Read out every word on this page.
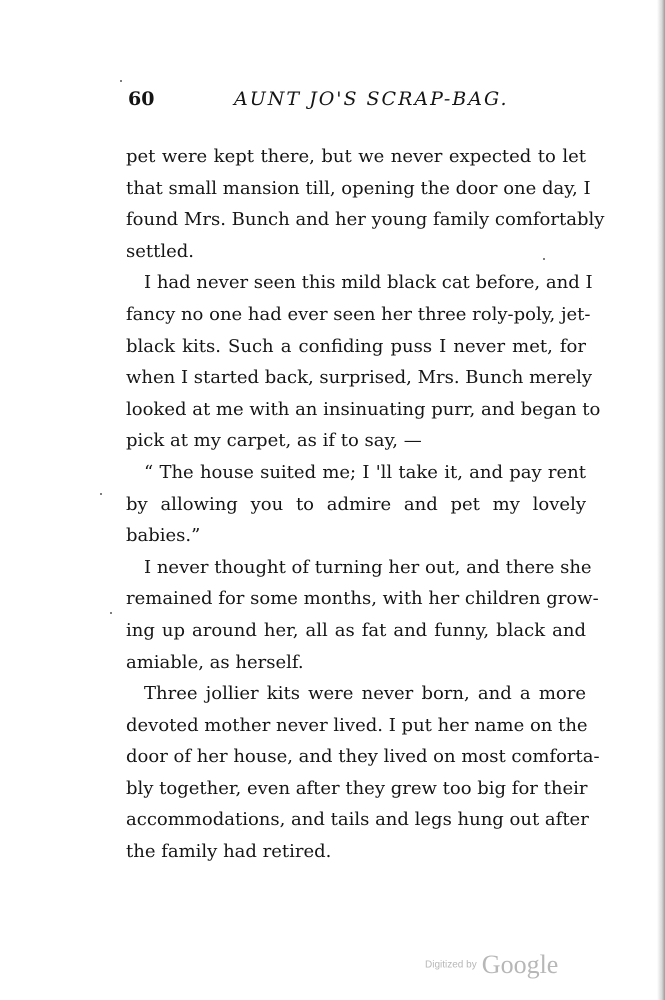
60	AUNT JO'S SCRAP-BAG.
pet were kept there, but we never expected to let
that small mansion till, opening the door one day, I
found Mrs. Bunch and her young family comfortably
settled.
I had never seen this mild black cat before, and I
fancy no one had ever seen her three roly-poly, jet-
black kits. Such a confiding puss I never met, for
when I started back, surprised, Mrs. Bunch merely
looked at me with an insinuating purr, and began to
pick at my carpet, as if to say, —
“ The house suited me; I 'll take it, and pay rent
by allowing you to admire and pet my lovely
babies.”
I never thought of turning her out, and there she
remained for some months, with her children grow-
ing up around her, all as fat and funny, black and
amiable, as herself.
Three jollier kits were never born, and a more
devoted mother never lived. I put her name on the
door of her house, and they lived on most comforta-
bly together, even after they grew too big for their
accommodations, and tails and legs hung out after
the family had retired.
Digitized by Google
